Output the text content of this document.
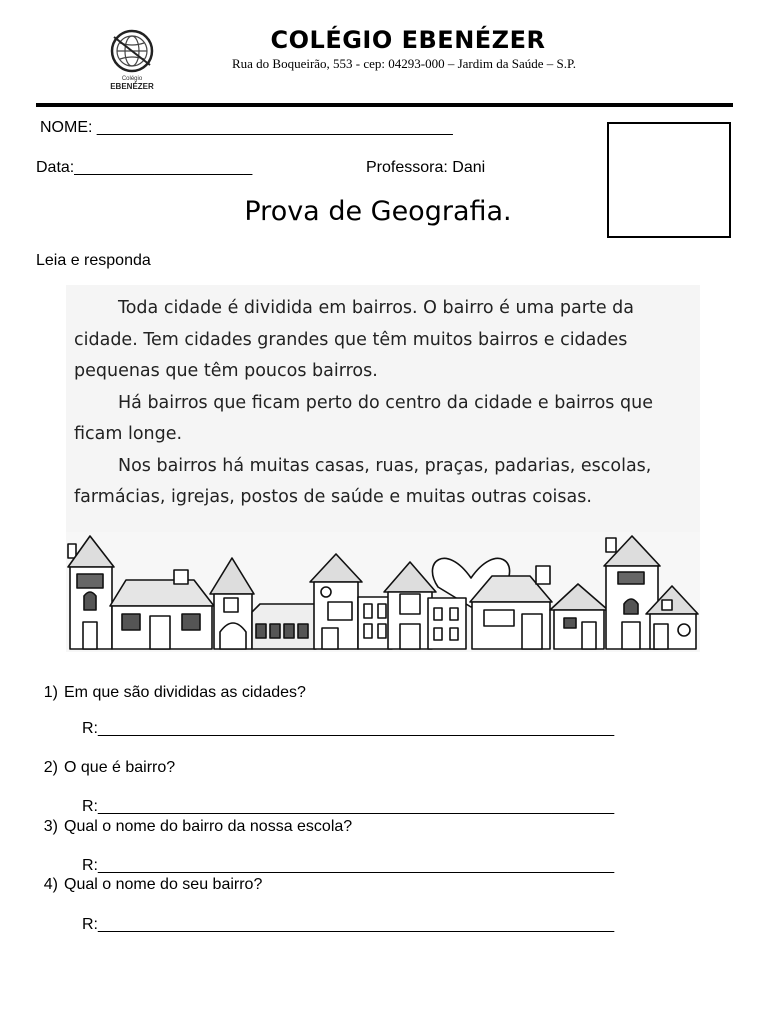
Colégio
EBENÉZER
COLÉGIO EBENÉZER
Rua do Boqueirão, 553 - cep: 04293-000 – Jardim da Saúde – S.P.
NOME: ________________________________________
Data:____________________	Professora: Dani
Prova de Geografia.
Leia e responda

Toda cidade é dividida em bairros. O bairro é uma parte da cidade. Tem cidades grandes que têm muitos bairros e cidades pequenas que têm poucos bairros.
Há bairros que ficam perto do centro da cidade e bairros que ficam longe.
Nos bairros há muitas casas, ruas, praças, padarias, escolas, farmácias, igrejas, postos de saúde e muitas outras coisas.

1) Em que são divididas as cidades?
R:__________________________________________________________
2) O que é bairro?
R:__________________________________________________________
3) Qual o nome do bairro da nossa escola?
R:__________________________________________________________
4) Qual o nome do seu bairro?
R:__________________________________________________________
